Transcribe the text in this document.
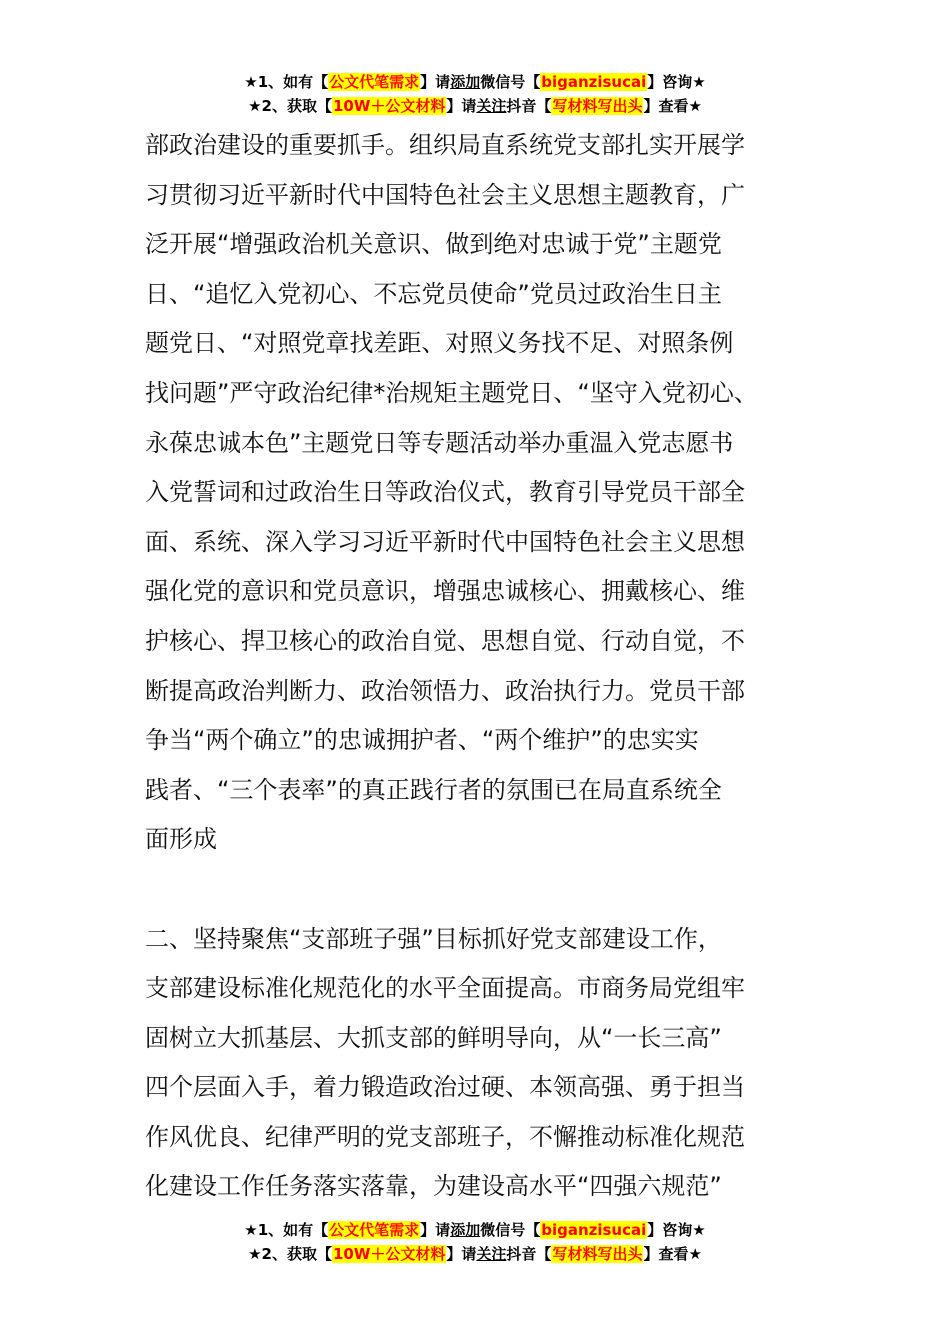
★1、如有【公文代笔需求】请添加微信号【biganzisucai】咨询★
★2、获取【10W＋公文材料】请关注抖音【写材料写出头】查看★
部政治建设的重要抓手。组织局直系统党支部扎实开展学
习贯彻习近平新时代中国特色社会主义思想主题教育，广
泛开展“增强政治机关意识、做到绝对忠诚于党”主题党
日、“追忆入党初心、不忘党员使命”党员过政治生日主
题党日、“对照党章找差距、对照义务找不足、对照条例
找问题”严守政治纪律*治规矩主题党日、“坚守入党初心、
永葆忠诚本色”主题党日等专题活动举办重温入党志愿书
入党誓词和过政治生日等政治仪式，教育引导党员干部全
面、系统、深入学习习近平新时代中国特色社会主义思想
强化党的意识和党员意识，增强忠诚核心、拥戴核心、维
护核心、捍卫核心的政治自觉、思想自觉、行动自觉，不
断提高政治判断力、政治领悟力、政治执行力。党员干部
争当“两个确立”的忠诚拥护者、“两个维护”的忠实实
践者、“三个表率”的真正践行者的氛围已在局直系统全
面形成
二、坚持聚焦“支部班子强”目标抓好党支部建设工作，
支部建设标准化规范化的水平全面提高。市商务局党组牢
固树立大抓基层、大抓支部的鲜明导向，从“一长三高”
四个层面入手，着力锻造政治过硬、本领高强、勇于担当
作风优良、纪律严明的党支部班子，不懈推动标准化规范
化建设工作任务落实落靠，为建设高水平“四强六规范”
★1、如有【公文代笔需求】请添加微信号【biganzisucai】咨询★
★2、获取【10W＋公文材料】请关注抖音【写材料写出头】查看★
